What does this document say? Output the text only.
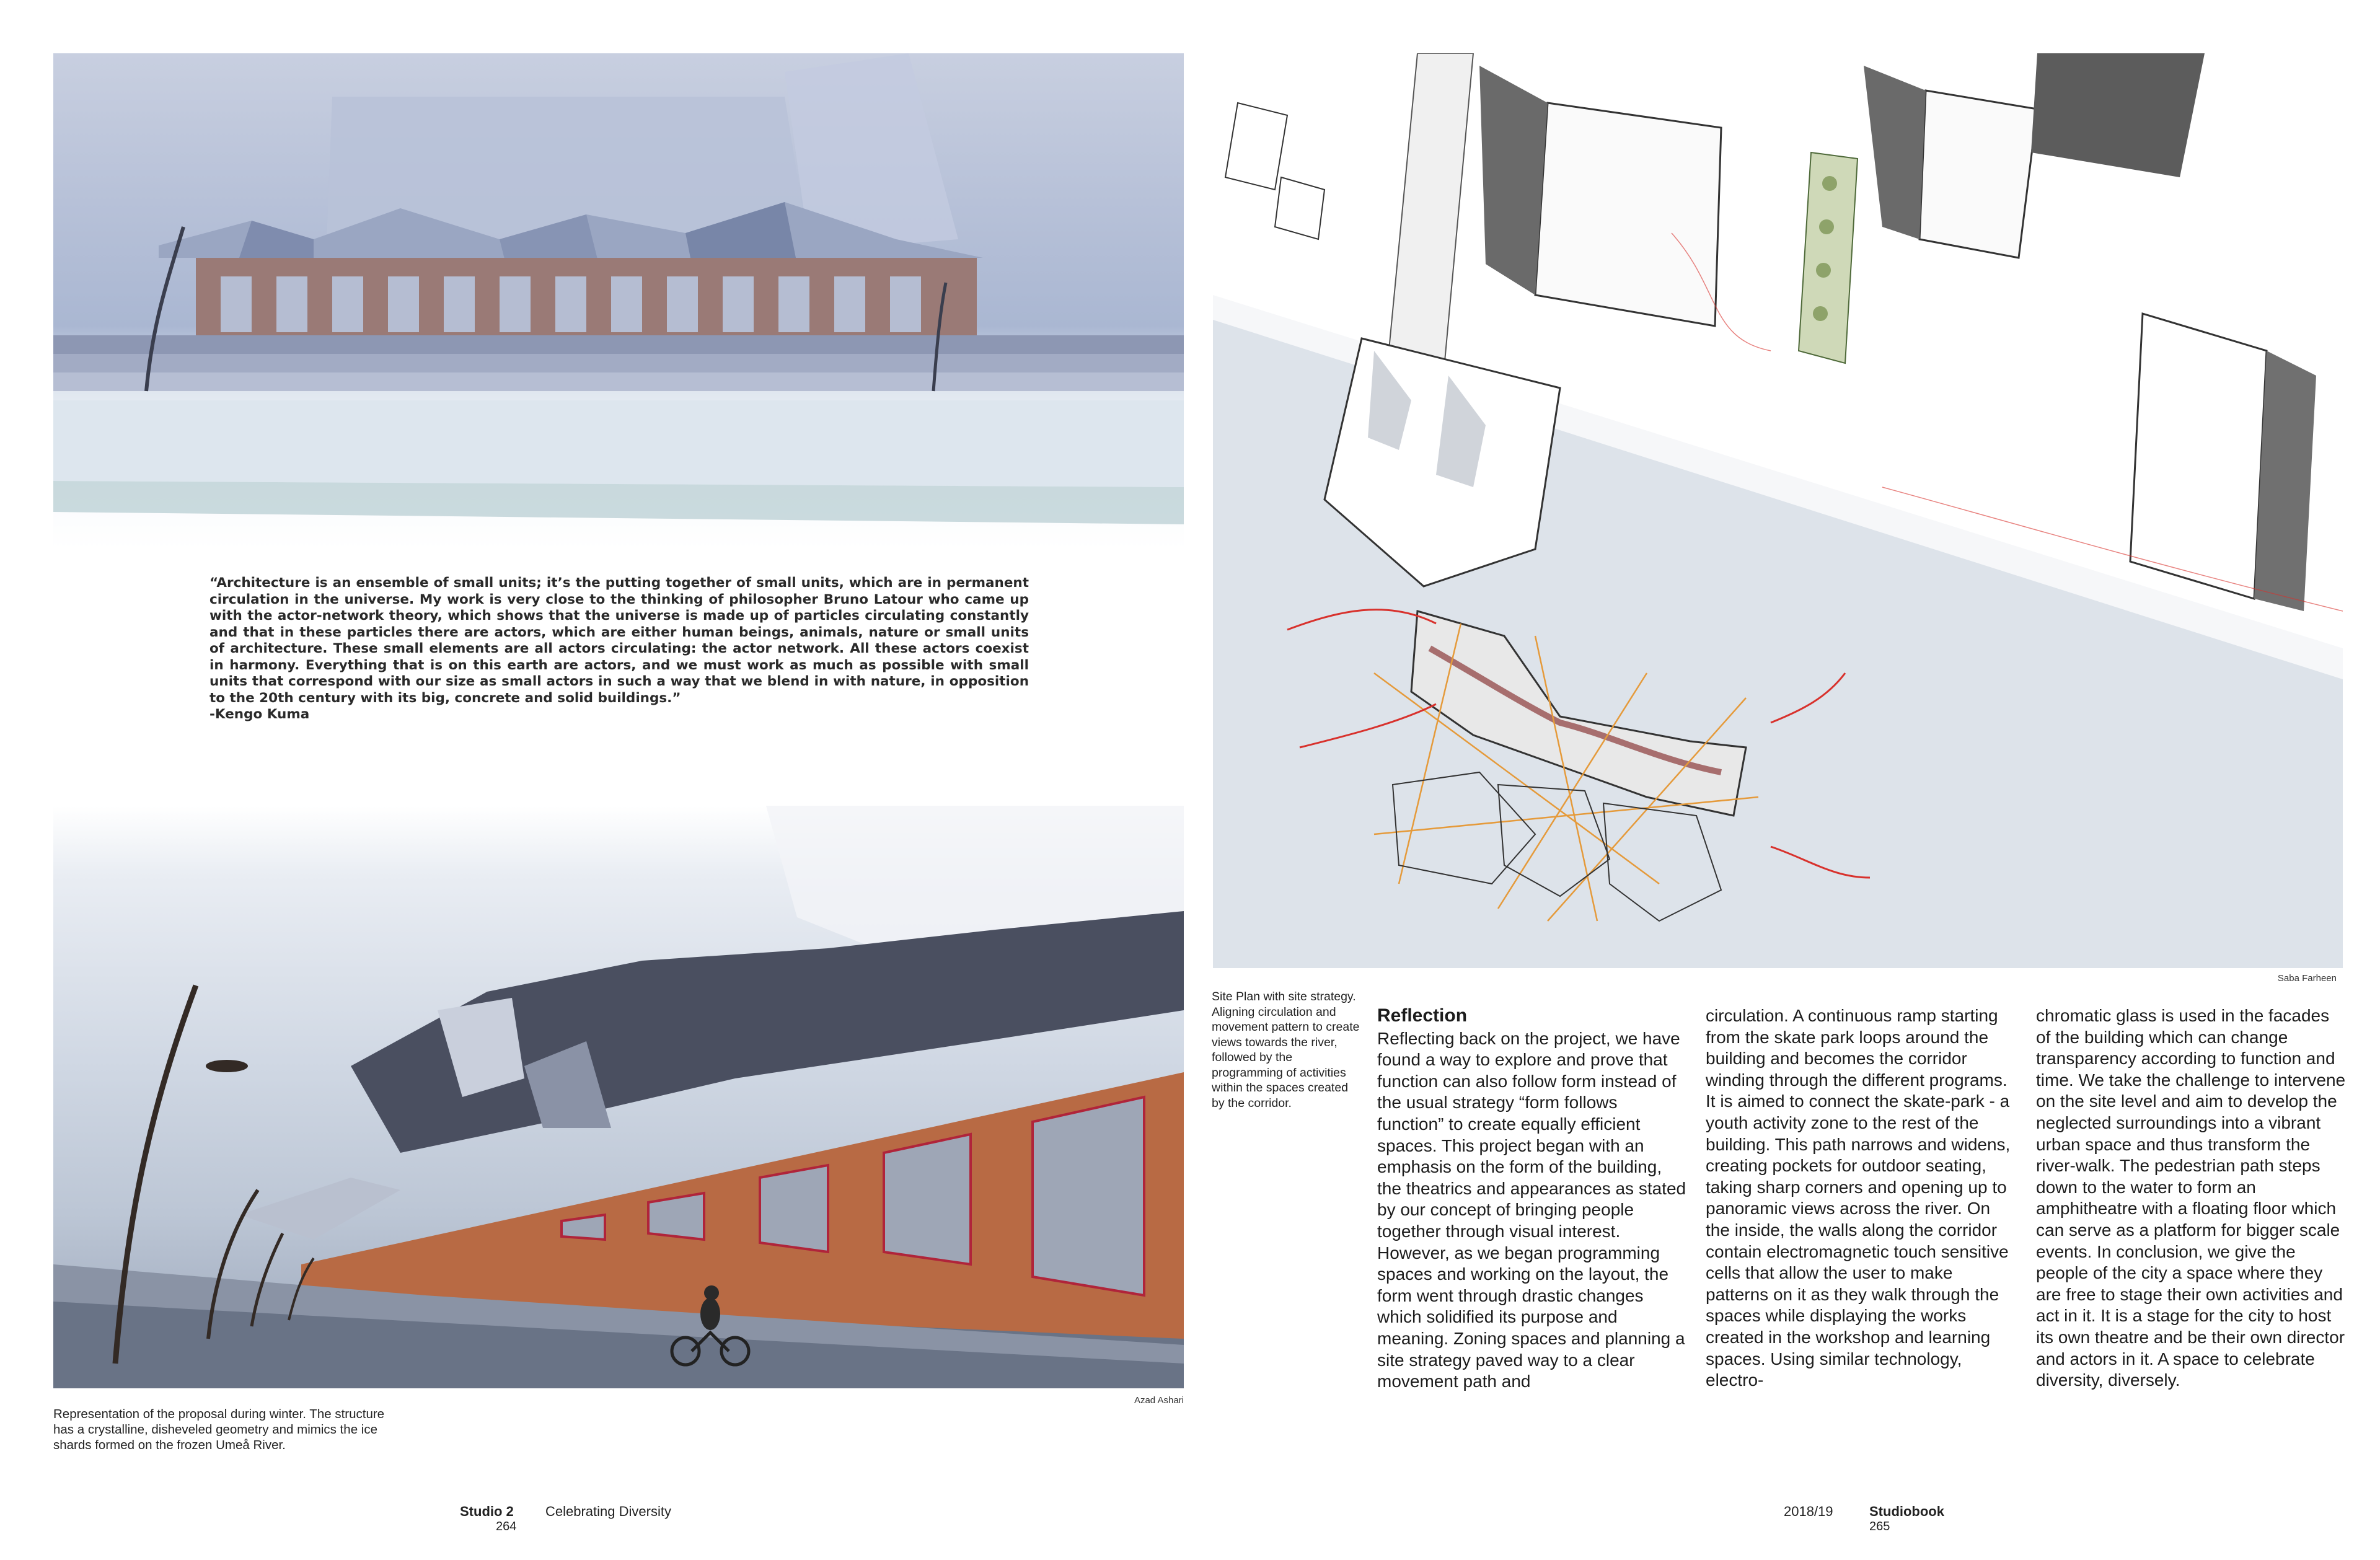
“Architecture is an ensemble of small units; it’s the putting together of small units, which are in permanent circulation in the universe. My work is very close to the thinking of philosopher Bruno Latour who came up with the actor-network theory, which shows that the universe is made up of particles circulating constantly and that in these particles there are actors, which are either human beings, animals, nature or small units of architecture. These small elements are all actors circulating: the actor network. All these actors coexist in harmony. Everything that is on this earth are actors, and we must work as much as possible with small units that correspond with our size as small actors in such a way that we blend in with nature, in opposition to the 20th century with its big, concrete and solid buildings.”
-Kengo Kuma
Azad Ashari
Representation of the proposal during winter. The structure has a crystalline, disheveled geometry and mimics the ice shards formed on the frozen Umeå River.
Studio 2
264
Celebrating Diversity
Saba Farheen
Site Plan with site strategy. Aligning circulation and movement pattern to create views towards the river, followed by the programming of activities within the spaces created by the corridor.
Reflection
Reflecting back on the project, we have found a way to explore and prove that function can also follow form instead of the usual strategy “form follows function” to create equally efficient spaces. This project began with an emphasis on the form of the building, the theatrics and appearances as stated by our concept of bringing people together through visual interest. However, as we began programming spaces and working on the layout, the form went through drastic changes which solidified its purpose and meaning. Zoning spaces and planning a site strategy paved way to a clear movement path and
circulation. A continuous ramp starting from the skate park loops around the building and becomes the corridor winding through the different programs. It is aimed to connect the skate-park - a youth activity zone to the rest of the building. This path narrows and widens, creating pockets for outdoor seating, taking sharp corners and opening up to panoramic views across the river. On the inside, the walls along the corridor contain electromagnetic touch sensitive cells that allow the user to make patterns on it as they walk through the spaces while displaying the works created in the workshop and learning spaces. Using similar technology, electro-
chromatic glass is used in the facades of the building which can change transparency according to function and time. We take the challenge to intervene on the site level and aim to develop the neglected surroundings into a vibrant urban space and thus transform the river-walk. The pedestrian path steps down to the water to form an amphitheatre with a floating floor which can serve as a platform for bigger scale events. In conclusion, we give the people of the city a space where they are free to stage their own activities and act in it. It is a stage for the city to host its own theatre and be their own director and actors in it. A space to celebrate diversity, diversely.
2018/19	Studiobook
265
